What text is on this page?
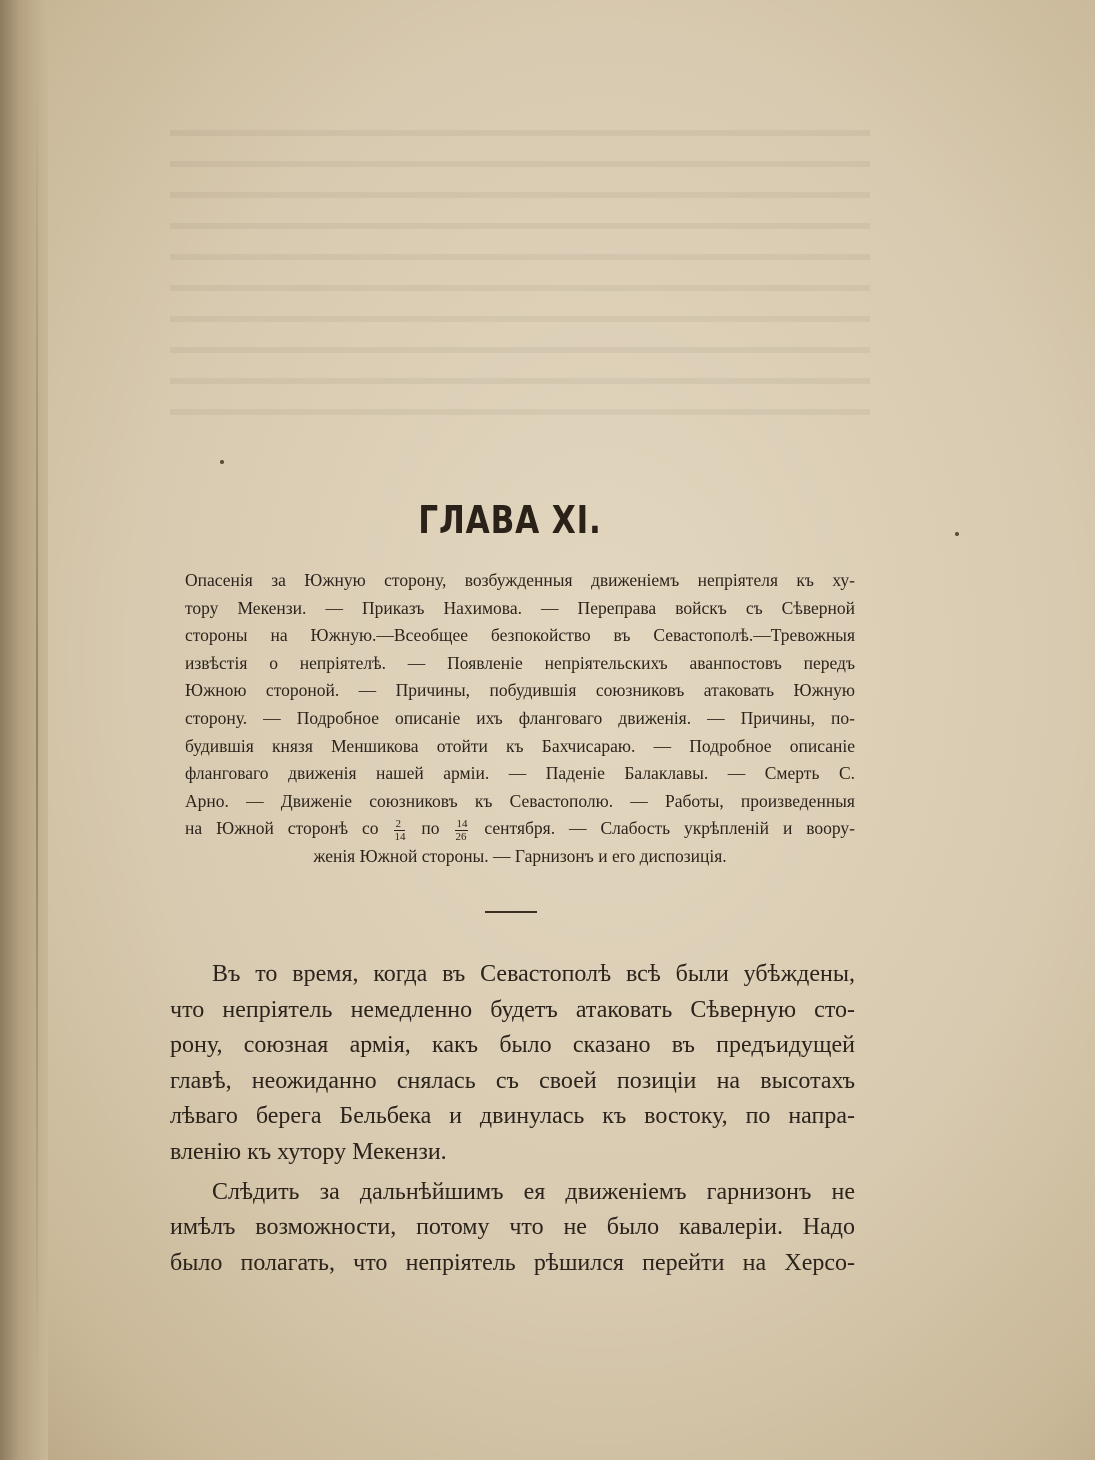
ГЛАВА XI.
Опасенія за Южную сторону, возбужденныя движеніемъ непріятеля къ ху-
тору Мекензи. — Приказъ Нахимова. — Переправа войскъ съ Сѣверной
стороны на Южную.—Всеобщее безпокойство въ Севастополѣ.—Тревожныя
извѣстія о непріятелѣ. — Появленіе непріятельскихъ аванпостовъ передъ
Южною стороной. — Причины, побудившія союзниковъ атаковать Южную
сторону. — Подробное описаніе ихъ фланговаго движенія. — Причины, по-
будившія князя Меншикова отойти къ Бахчисараю. — Подробное описаніе
фланговаго движенія нашей арміи. — Паденіе Балаклавы. — Смерть С.
Арно. — Движеніе союзниковъ къ Севастополю. — Работы, произведенныя
на Южной сторонѣ со $\frac{2}{14}$ по $\frac{14}{26}$ сентября. — Слабость укрѣпленій и воору-
женія Южной стороны. — Гарнизонъ и его диспозиція.
Въ то время, когда въ Севастополѣ всѣ были убѣждены,
что непріятель немедленно будетъ атаковать Сѣверную сто-
рону, союзная армія, какъ было сказано въ предъидущей
главѣ, неожиданно снялась съ своей позиціи на высотахъ
лѣваго берега Бельбека и двинулась къ востоку, по напра-
вленію къ хутору Мекензи.
Слѣдить за дальнѣйшимъ ея движеніемъ гарнизонъ не
имѣлъ возможности, потому что не было кавалеріи. Надо
было полагать, что непріятель рѣшился перейти на Херсо-
